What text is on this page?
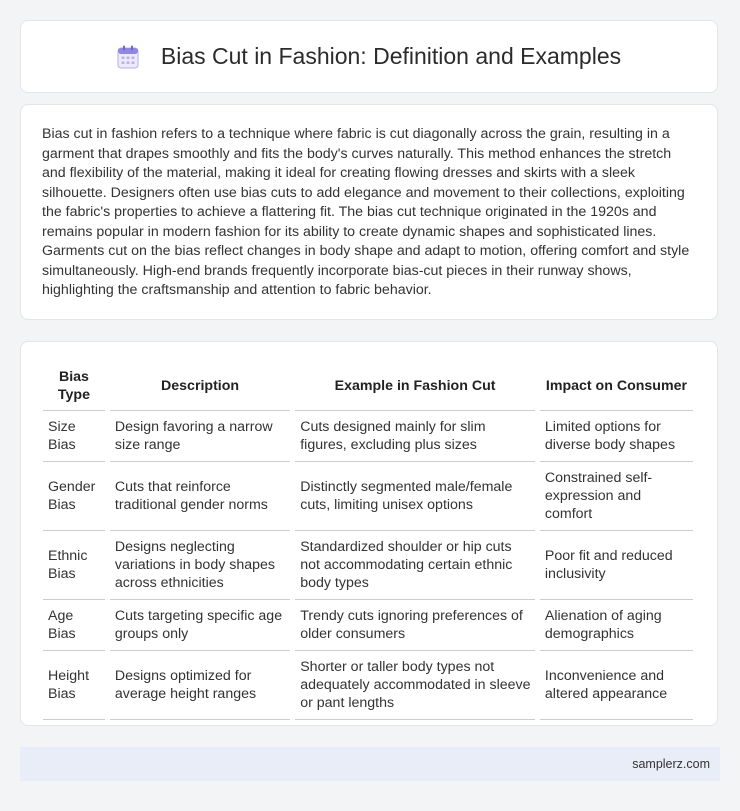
Bias Cut in Fashion: Definition and Examples

Bias cut in fashion refers to a technique where fabric is cut diagonally across the grain, resulting in a garment that drapes smoothly and fits the body's curves naturally. This method enhances the stretch and flexibility of the material, making it ideal for creating flowing dresses and skirts with a sleek silhouette. Designers often use bias cuts to add elegance and movement to their collections, exploiting the fabric's properties to achieve a flattering fit. The bias cut technique originated in the 1920s and remains popular in modern fashion for its ability to create dynamic shapes and sophisticated lines. Garments cut on the bias reflect changes in body shape and adapt to motion, offering comfort and style simultaneously. High-end brands frequently incorporate bias-cut pieces in their runway shows, highlighting the craftsmanship and attention to fabric behavior.

Bias Type	Description	Example in Fashion Cut	Impact on Consumer
Size Bias	Design favoring a narrow size range	Cuts designed mainly for slim figures, excluding plus sizes	Limited options for diverse body shapes
Gender Bias	Cuts that reinforce traditional gender norms	Distinctly segmented male/female cuts, limiting unisex options	Constrained self-expression and comfort
Ethnic Bias	Designs neglecting variations in body shapes across ethnicities	Standardized shoulder or hip cuts not accommodating certain ethnic body types	Poor fit and reduced inclusivity
Age Bias	Cuts targeting specific age groups only	Trendy cuts ignoring preferences of older consumers	Alienation of aging demographics
Height Bias	Designs optimized for average height ranges	Shorter or taller body types not adequately accommodated in sleeve or pant lengths	Inconvenience and altered appearance
samplerz.com
